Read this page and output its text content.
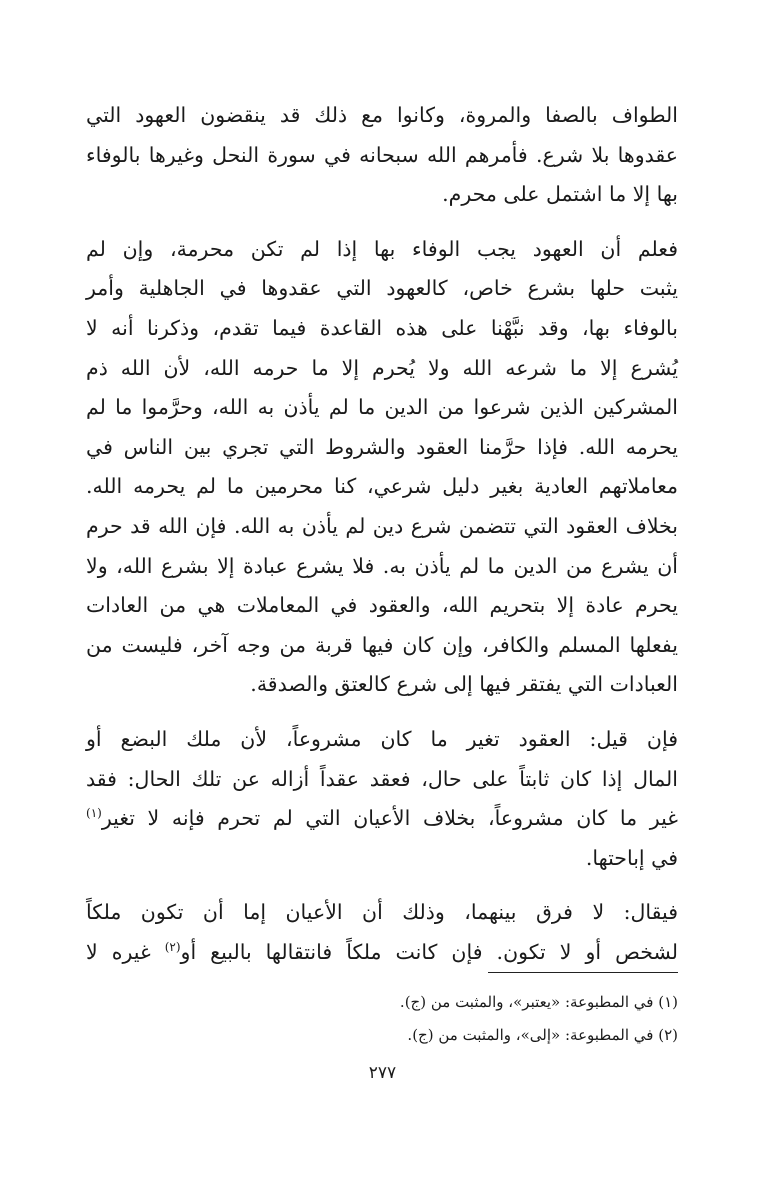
الطواف بالصفا والمروة، وكانوا مع ذلك قد ينقضون العهود التي
عقدوها بلا شرع. فأمرهم الله سبحانه في سورة النحل وغيرها بالوفاء
بها إلا ما اشتمل على محرم.

فعلم أن العهود يجب الوفاء بها إذا لم تكن محرمة، وإن لم
يثبت حلها بشرع خاص، كالعهود التي عقدوها في الجاهلية وأمر
بالوفاء بها، وقد نبَّهْنا على هذه القاعدة فيما تقدم، وذكرنا أنه لا
يُشرع إلا ما شرعه الله ولا يُحرم إلا ما حرمه الله، لأن الله ذم
المشركين الذين شرعوا من الدين ما لم يأذن به الله، وحرَّموا ما لم
يحرمه الله. فإذا حرَّمنا العقود والشروط التي تجري بين الناس في
معاملاتهم العادية بغير دليل شرعي، كنا محرمين ما لم يحرمه الله.
بخلاف العقود التي تتضمن شرع دين لم يأذن به الله. فإن الله قد حرم
أن يشرع من الدين ما لم يأذن به. فلا يشرع عبادة إلا بشرع الله، ولا
يحرم عادة إلا بتحريم الله، والعقود في المعاملات هي من العادات
يفعلها المسلم والكافر، وإن كان فيها قربة من وجه آخر، فليست من
العبادات التي يفتقر فيها إلى شرع كالعتق والصدقة.

فإن قيل: العقود تغير ما كان مشروعاً، لأن ملك البضع أو
المال إذا كان ثابتاً على حال، فعقد عقداً أزاله عن تلك الحال: فقد
غير ما كان مشروعاً، بخلاف الأعيان التي لم تحرم فإنه لا تغير$^{(١)}$
في إباحتها.

فيقال: لا فرق بينهما، وذلك أن الأعيان إما أن تكون ملكاً
لشخص أو لا تكون. فإن كانت ملكاً فانتقالها بالبيع أو$^{(٢)}$ غيره لا

(١) في المطبوعة: «يعتبر»، والمثبت من (ج).
(٢) في المطبوعة: «إلى»، والمثبت من (ج).
٢٧٧
